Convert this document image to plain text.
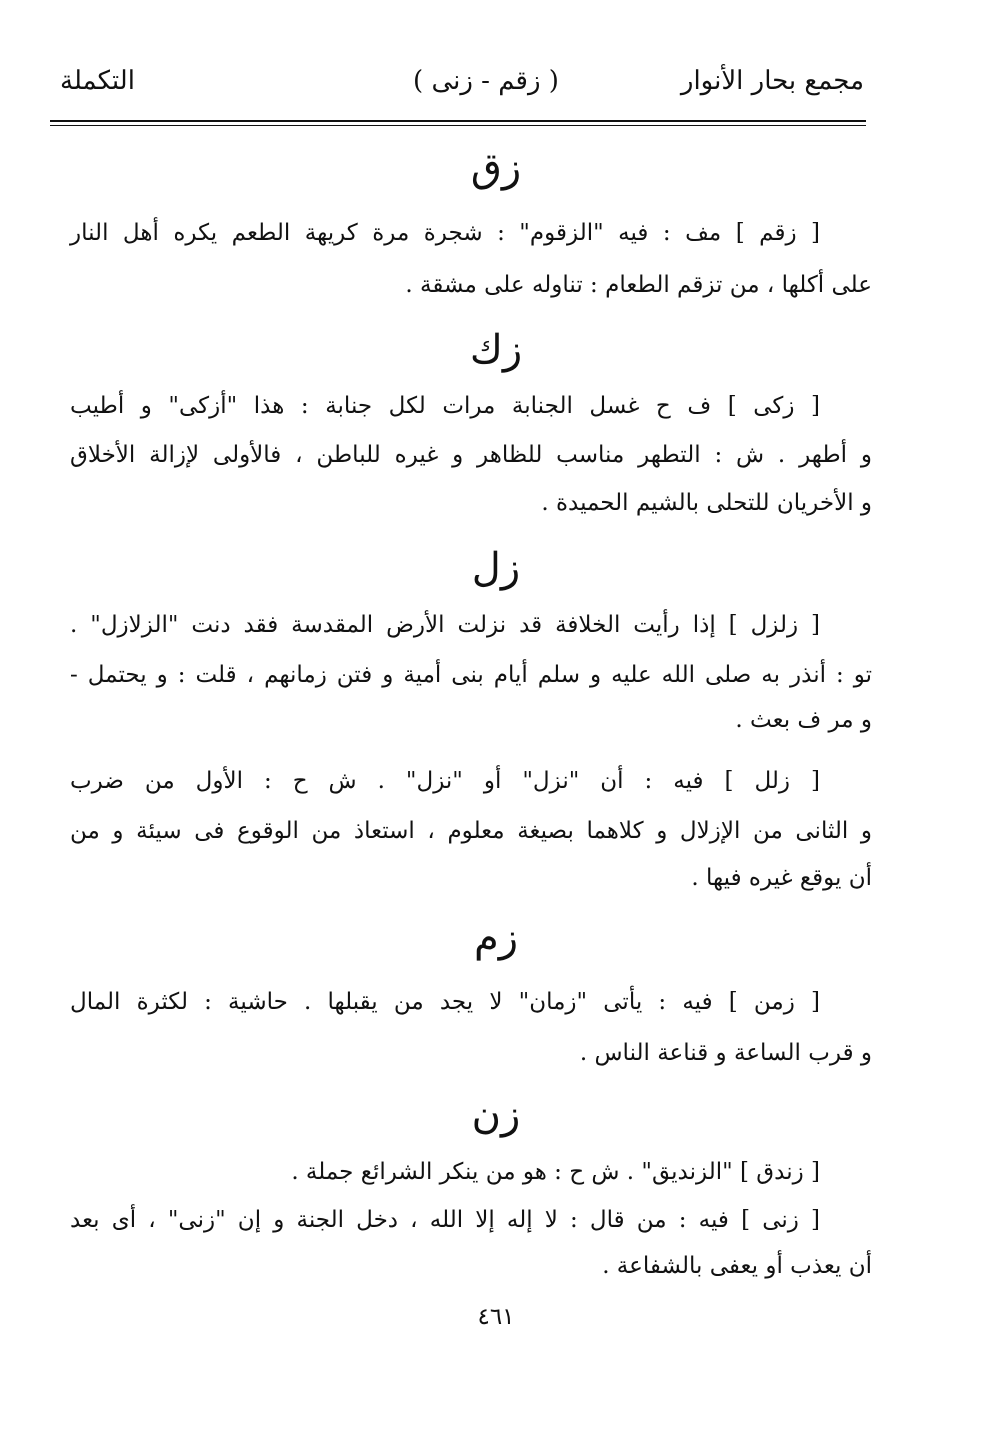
مجمع بحار الأنوار
( زقم - زنى )
التكملة
زق
[ زقم ] مف : فيه "الزقوم" : شجرة مرة كريهة الطعم يكره أهل النار
على أكلها ، من تزقم الطعام : تناوله على مشقة .
زك
[ زكى ] ف ح غسل الجنابة مرات لكل جنابة : هذا "أزكى" و أطيب
و أطهر . ش : التطهر مناسب للظاهر و غيره للباطن ، فالأولى لإزالة الأخلاق
و الأخريان للتحلى بالشيم الحميدة .
زل
[ زلزل ] إذا رأيت الخلافة قد نزلت الأرض المقدسة فقد دنت "الزلازل" .
تو : أنذر به صلى الله عليه و سلم أيام بنى أمية و فتن زمانهم ، قلت : و يحتمل -
و مر ف بعث .
[ زلل ] فيه : أن "نزل" أو "نزل" . ش ح : الأول من ضرب
و الثانى من الإزلال و كلاهما بصيغة معلوم ، استعاذ من الوقوع فى سيئة و من
أن يوقع غيره فيها .
زم
[ زمن ] فيه : يأتى "زمان" لا يجد من يقبلها . حاشية : لكثرة المال
و قرب الساعة و قناعة الناس .
زن
[ زندق ] "الزنديق" . ش ح : هو من ينكر الشرائع جملة .
[ زنى ] فيه : من قال : لا إله إلا الله ، دخل الجنة و إن "زنى" ، أى بعد
أن يعذب أو يعفى بالشفاعة .
٤٦١
